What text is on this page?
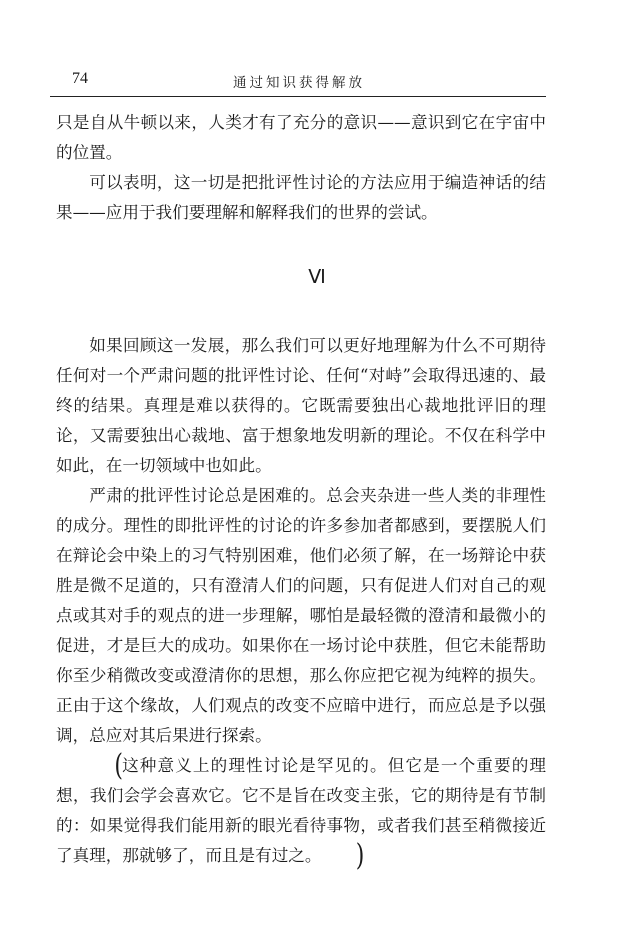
74	通过知识获得解放

只是自从牛顿以来，人类才有了充分的意识——意识到它在宇宙中的位置。

可以表明，这一切是把批评性讨论的方法应用于编造神话的结果——应用于我们要理解和解释我们的世界的尝试。

Ⅵ

如果回顾这一发展，那么我们可以更好地理解为什么不可期待任何对一个严肃问题的批评性讨论、任何“对峙”会取得迅速的、最终的结果。真理是难以获得的。它既需要独出心裁地批评旧的理论，又需要独出心裁地、富于想象地发明新的理论。不仅在科学中如此，在一切领域中也如此。

严肃的批评性讨论总是困难的。总会夹杂进一些人类的非理性的成分。理性的即批评性的讨论的许多参加者都感到，要摆脱人们在辩论会中染上的习气特别困难，他们必须了解，在一场辩论中获胜是微不足道的，只有澄清人们的问题，只有促进人们对自己的观点或其对手的观点的进一步理解，哪怕是最轻微的澄清和最微小的促进，才是巨大的成功。如果你在一场讨论中获胜，但它未能帮助你至少稍微改变或澄清你的思想，那么你应把它视为纯粹的损失。正由于这个缘故，人们观点的改变不应暗中进行，而应总是予以强调，总应对其后果进行探索。

(这种意义上的理性讨论是罕见的。但它是一个重要的理想，我们会学会喜欢它。它不是旨在改变主张，它的期待是有节制的：如果觉得我们能用新的眼光看待事物，或者我们甚至稍微接近了真理，那就够了，而且是有过之。 )
